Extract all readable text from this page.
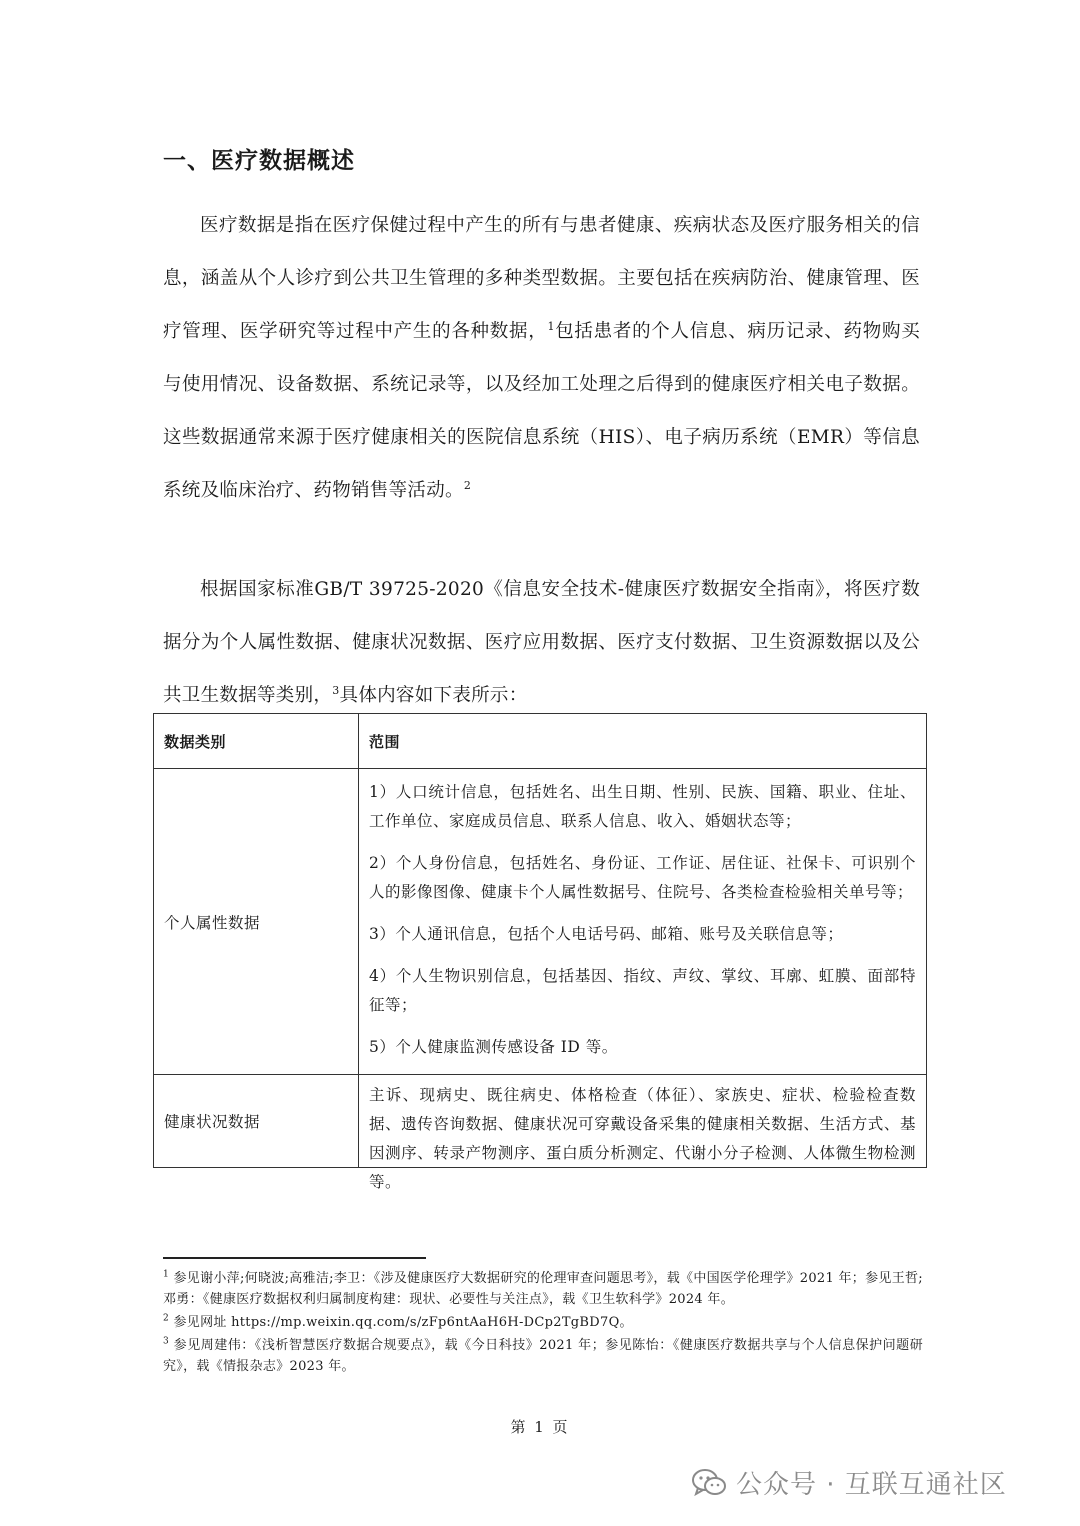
一、医疗数据概述

医疗数据是指在医疗保健过程中产生的所有与患者健康、疾病状态及医疗服务相关的信息，涵盖从个人诊疗到公共卫生管理的多种类型数据。主要包括在疾病防治、健康管理、医疗管理、医学研究等过程中产生的各种数据，$^1$包括患者的个人信息、病历记录、药物购买与使用情况、设备数据、系统记录等，以及经加工处理之后得到的健康医疗相关电子数据。这些数据通常来源于医疗健康相关的医院信息系统（HIS）、电子病历系统（EMR）等信息系统及临床治疗、药物销售等活动。$^2$

根据国家标准GB/T 39725-2020《信息安全技术-健康医疗数据安全指南》，将医疗数据分为个人属性数据、健康状况数据、医疗应用数据、医疗支付数据、卫生资源数据以及公共卫生数据等类别，$^3$具体内容如下表所示：

数据类别	范围
个人属性数据	1）人口统计信息，包括姓名、出生日期、性别、民族、国籍、职业、住址、工作单位、家庭成员信息、联系人信息、收入、婚姻状态等；

2）个人身份信息，包括姓名、身份证、工作证、居住证、社保卡、可识别个人的影像图像、健康卡个人属性数据号、住院号、各类检查检验相关单号等；

3）个人通讯信息，包括个人电话号码、邮箱、账号及关联信息等；

4）个人生物识别信息，包括基因、指纹、声纹、掌纹、耳廓、虹膜、面部特征等；

5）个人健康监测传感设备 ID 等。

健康状况数据	主诉、现病史、既往病史、体格检查（体征）、家族史、症状、检验检查数据、遗传咨询数据、健康状况可穿戴设备采集的健康相关数据、生活方式、基因测序、转录产物测序、蛋白质分析测定、代谢小分子检测、人体微生物检测等。

$^1$ 参见谢小萍;何晓波;高雅洁;李卫：《涉及健康医疗大数据研究的伦理审查问题思考》，载《中国医学伦理学》2021 年；参见王哲;邓勇：《健康医疗数据权利归属制度构建：现状、必要性与关注点》，载《卫生软科学》2024 年。

$^2$ 参见网址 https://mp.weixin.qq.com/s/zFp6ntAaH6H-DCp2TgBD7Q。

$^3$ 参见周建伟：《浅析智慧医疗数据合规要点》，载《今日科技》2021 年；参见陈怡：《健康医疗数据共享与个人信息保护问题研究》，载《情报杂志》2023 年。

第 1 页
公众号 · 互联互通社区
